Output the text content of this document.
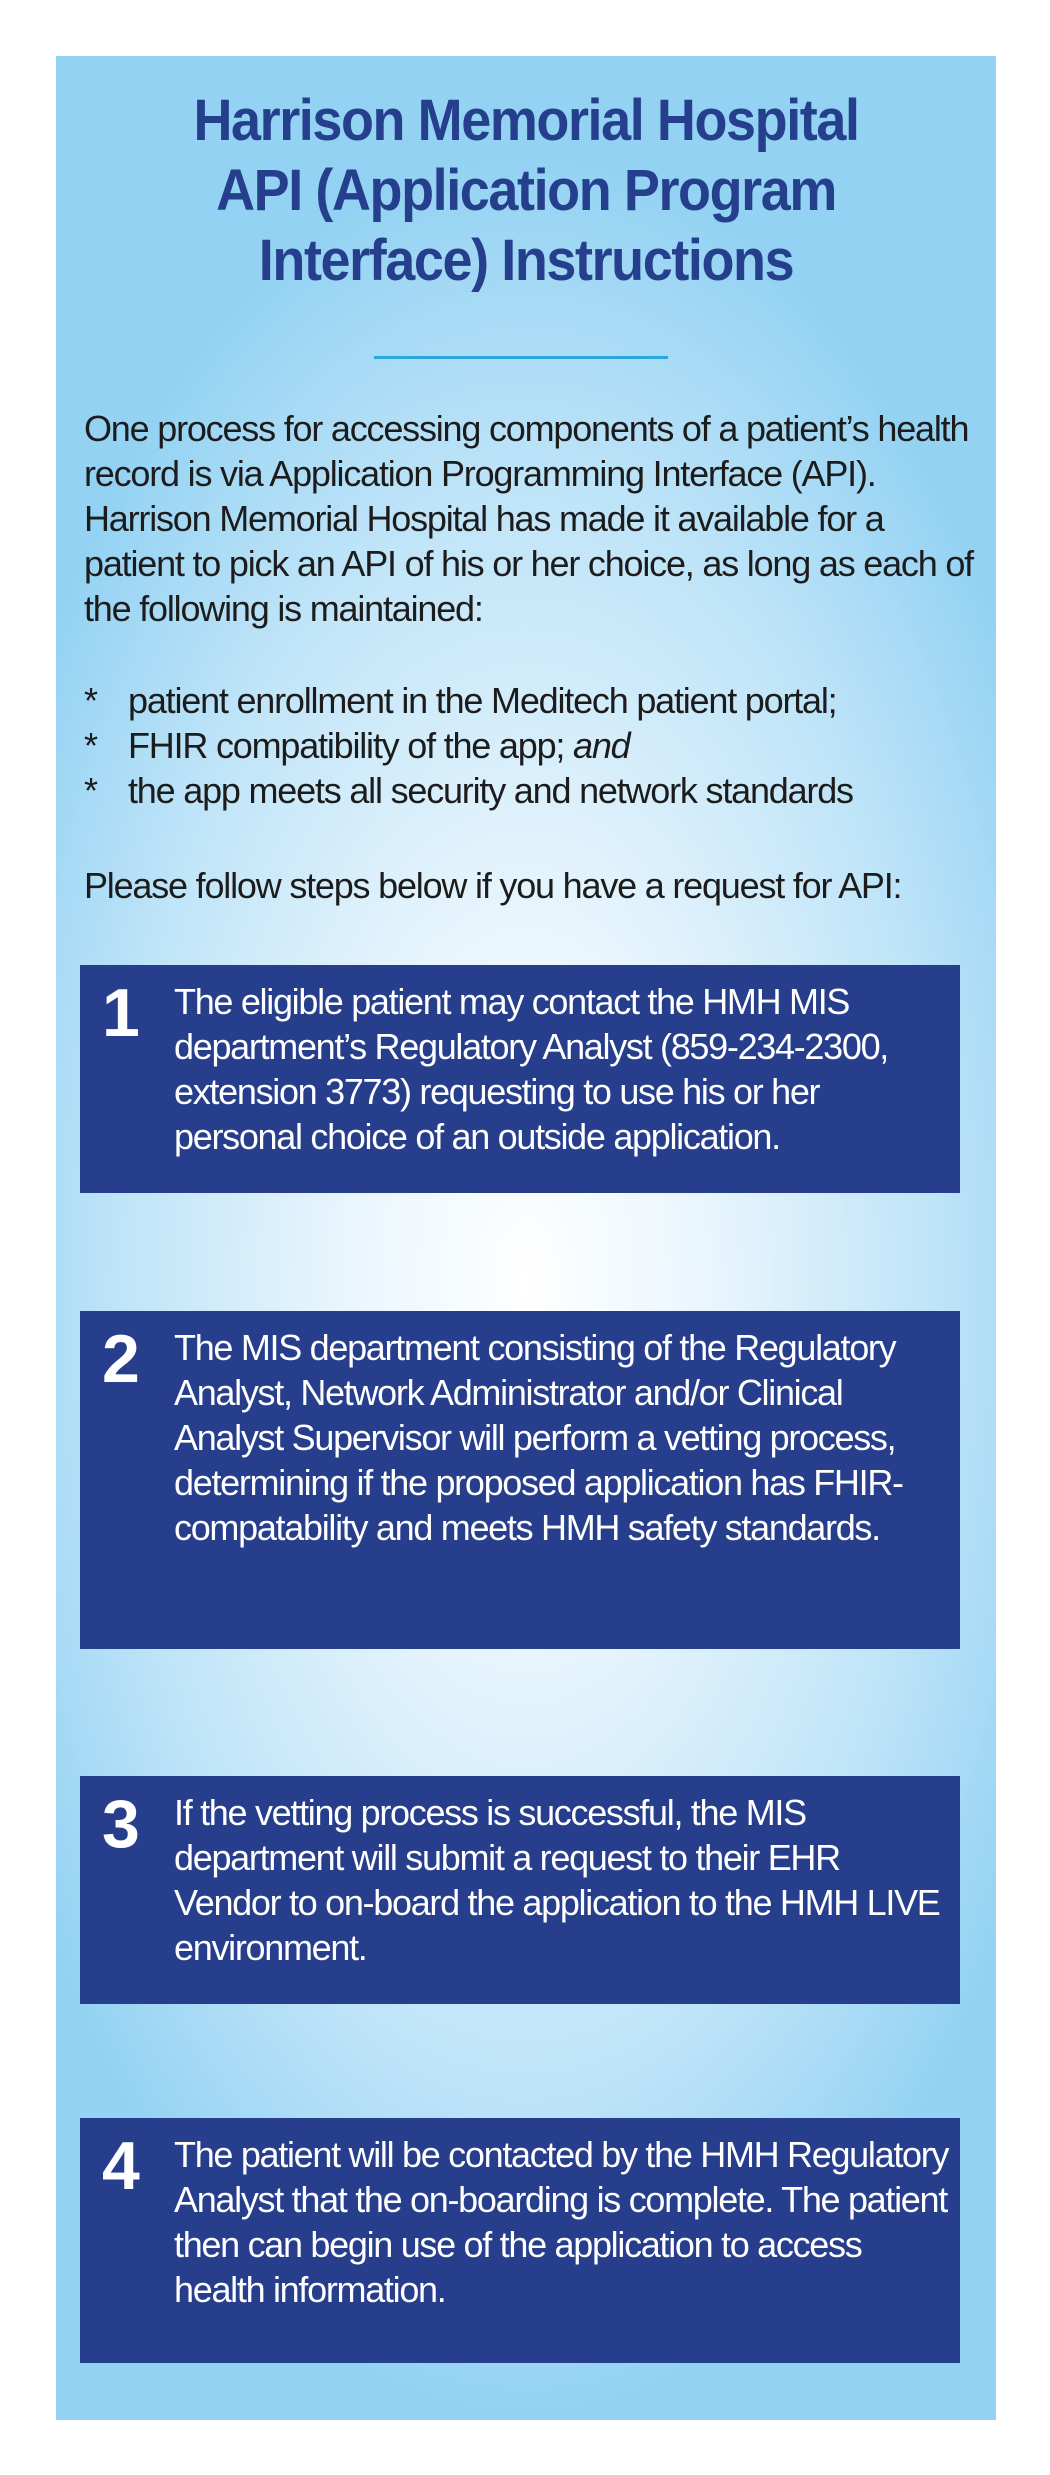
Harrison Memorial Hospital
API (Application Program
Interface) Instructions

One process for accessing components of a patient’s health record is via Application Programming Interface (API). Harrison Memorial Hospital has made it available for a patient to pick an API of his or her choice, as long as each of the following is maintained:

* patient enrollment in the Meditech patient portal;
* FHIR compatibility of the app; and
* the app meets all security and network standards

Please follow steps below if you have a request for API:

1 The eligible patient may contact the HMH MIS department’s Regulatory Analyst (859-234-2300, extension 3773) requesting to use his or her personal choice of an outside application.

2 The MIS department consisting of the Regulatory Analyst, Network Administrator and/or Clinical Analyst Supervisor will perform a vetting process, determining if the proposed application has FHIR-compatability and meets HMH safety standards.

3 If the vetting process is successful, the MIS department will submit a request to their EHR Vendor to on-board the application to the HMH LIVE environment.

4 The patient will be contacted by the HMH Regulatory Analyst that the on-boarding is complete. The patient then can begin use of the application to access health information.
